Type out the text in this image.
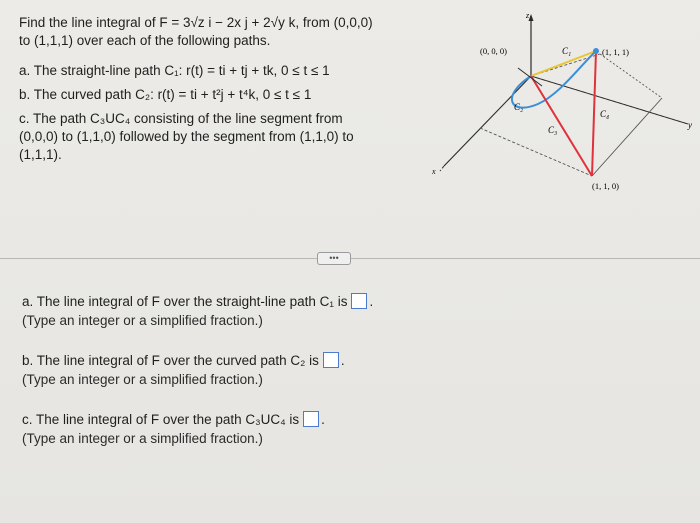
Find the line integral of F = 3√z i − 2x j + 2√y k, from (0,0,0)

to (1,1,1) over each of the following paths.

a. The straight-line path C₁: r(t) = ti + tj + tk, 0 ≤ t ≤ 1
b. The curved path C₂: r(t) = ti + t²j + t⁴k, 0 ≤ t ≤ 1
c. The path C₃UC₄ consisting of the line segment from
(0,0,0) to (1,1,0) followed by the segment from (1,1,0) to
(1,1,1).
z
y
x
(0, 0, 0)	(1, 1, 1)
(1, 1, 0)
C₁
C₂
C₃
C₄
•••
a. The line integral of F over the straight-line path C₁ is .
(Type an integer or a simplified fraction.)
b. The line integral of F over the curved path C₂ is .
(Type an integer or a simplified fraction.)
c. The line integral of F over the path C₃UC₄ is .
(Type an integer or a simplified fraction.)
